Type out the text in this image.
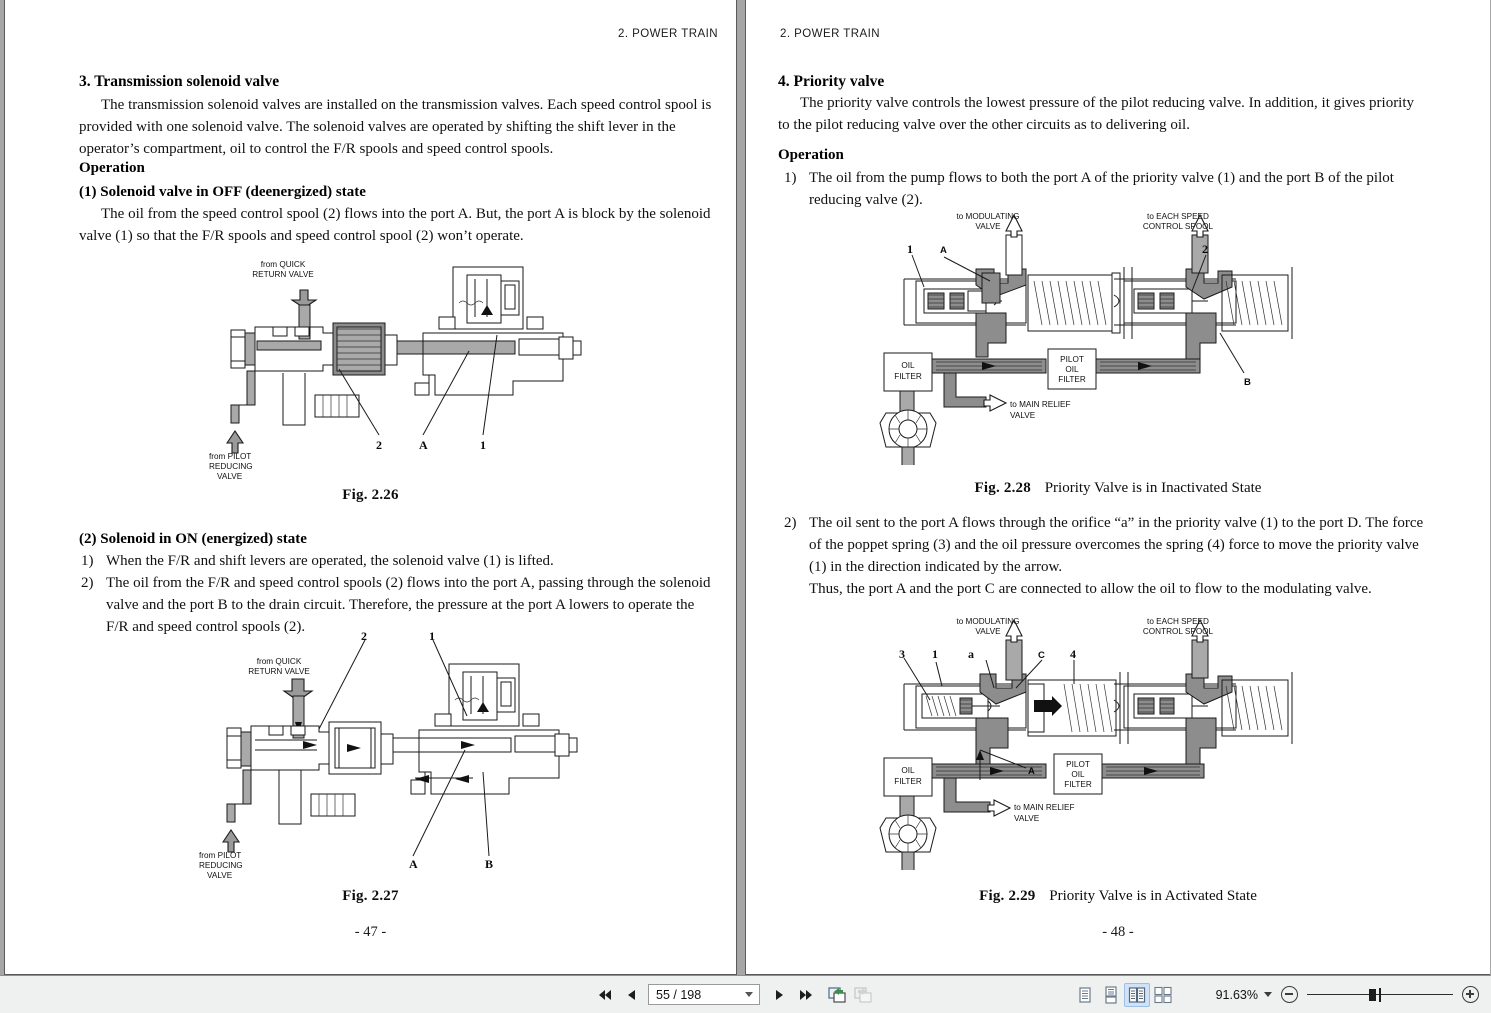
2. POWER TRAIN
3. Transmission solenoid valve
The transmission solenoid valves are installed on the transmission valves. Each speed control spool is provided with one solenoid valve. The solenoid valves are operated by shifting the shift lever in the operator’s compartment, oil to control the F/R spools and speed control spools.
Operation
(1) Solenoid valve in OFF (deenergized) state
The oil from the speed control spool (2) flows into the port A. But, the port A is block by the solenoid valve (1) so that the F/R spools and speed control spool (2) won’t operate.
from QUICK
RETURN VALVE
from PILOT
REDUCING
VALVE
2	A	1
Fig. 2.26
(2) Solenoid in ON (energized) state
1) When the F/R and shift levers are operated, the solenoid valve (1) is lifted.
2) The oil from the F/R and speed control spools (2) flows into the port A, passing through the solenoid valve and the port B to the drain circuit. Therefore, the pressure at the port A lowers to operate the F/R and speed control spools (2).
from QUICK
RETURN VALVE
from PILOT
REDUCING
VALVE
2	1
A	B
Fig. 2.27
- 47 -
2. POWER TRAIN
4. Priority valve
The priority valve controls the lowest pressure of the pilot reducing valve. In addition, it gives priority to the pilot reducing valve over the other circuits as to delivering oil.
Operation
1) The oil from the pump flows to both the port A of the priority valve (1) and the port B of the pilot reducing valve (2).
OIL
FILTER
PILOT
OIL
FILTER
to MODULATING
VALVE
to EACH SPEED
CONTROL SPOOL
to MAIN RELIEF
VALVE
1	A	2
B
Fig. 2.28 Priority Valve is in Inactivated State
2) The oil sent to the port A flows through the orifice “a” in the priority valve (1) to the port D. The force of the poppet spring (3) and the oil pressure overcomes the spring (4) force to move the priority valve (1) in the direction indicated by the arrow.
Thus, the port A and the port C are connected to allow the oil to flow to the modulating valve.
OIL
FILTER
PILOT
OIL
FILTER
to MODULATING
VALVE
to EACH SPEED
CONTROL SPOOL
to MAIN RELIEF
VALVE
3 1	a	C 4
A
Fig. 2.29 Priority Valve is in Activated State
- 48 -
55 / 198	91.63%
